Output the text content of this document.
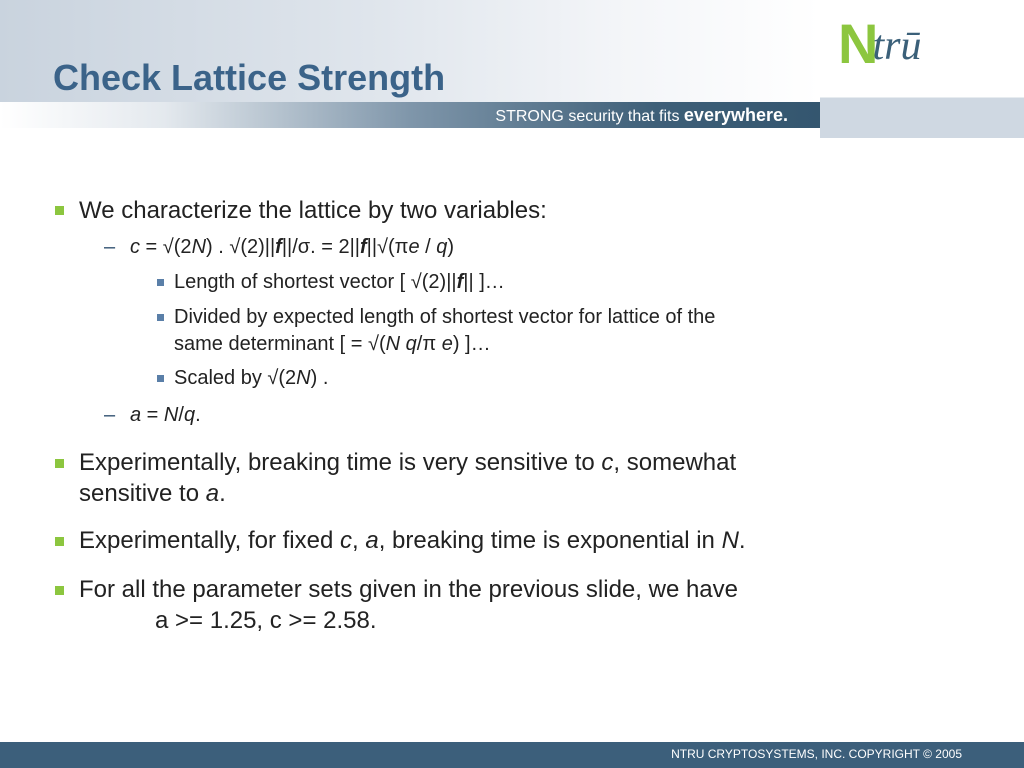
Ntrū
Check Lattice Strength
STRONG security that fits everywhere.
We characterize the lattice by two variables:
– c = √(2N) . √(2)||f||/σ. = 2||f||√(πe / q)
Length of shortest vector [ √(2)||f|| ]…
Divided by expected length of shortest vector for lattice of the
same determinant [ = √(N q/π e) ]…
Scaled by √(2N) .
– a = N/q.
Experimentally, breaking time is very sensitive to c, somewhat
sensitive to a.
Experimentally, for fixed c, a, breaking time is exponential in N.
For all the parameter sets given in the previous slide, we have
a >= 1.25, c >= 2.58.
NTRU CRYPTOSYSTEMS, INC. COPYRIGHT © 2005
